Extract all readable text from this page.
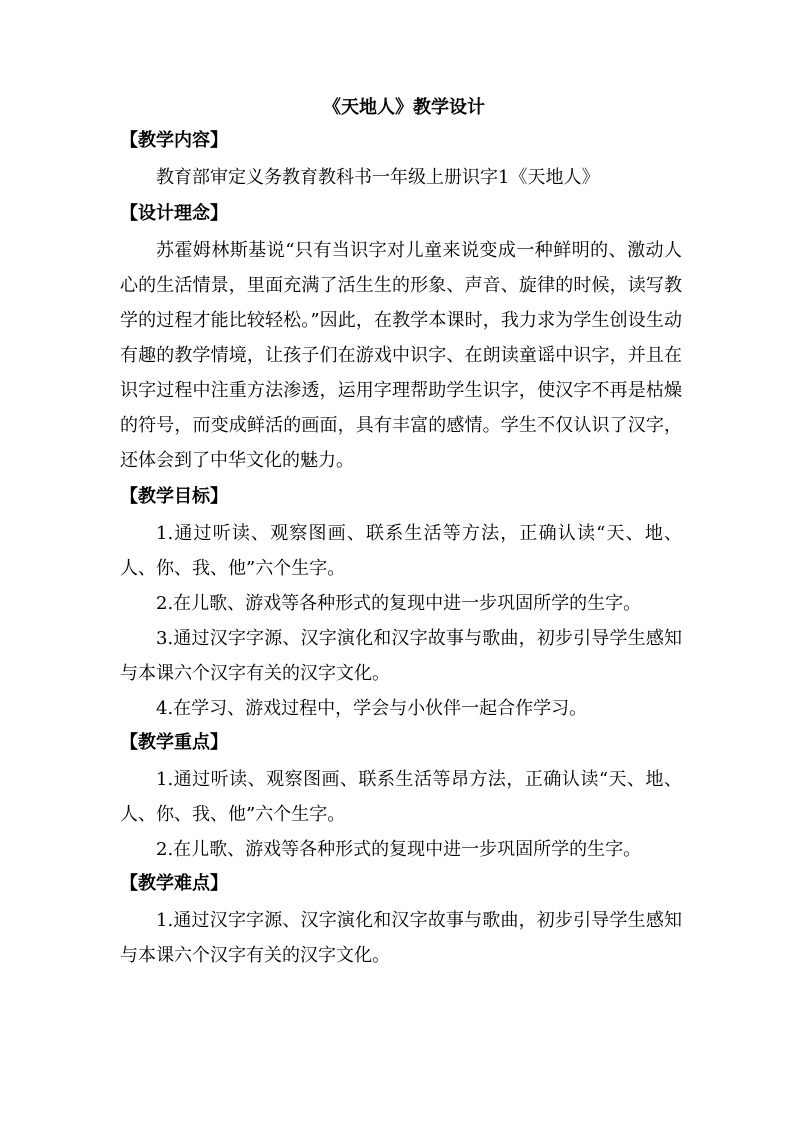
《天地人》教学设计
【教学内容】

教育部审定义务教育教科书一年级上册识字1《天地人》

【设计理念】

苏霍姆林斯基说“只有当识字对儿童来说变成一种鲜明的、激动人心的生活情景，里面充满了活生生的形象、声音、旋律的时候，读写教学的过程才能比较轻松。”因此，在教学本课时，我力求为学生创设生动有趣的教学情境，让孩子们在游戏中识字、在朗读童谣中识字，并且在识字过程中注重方法渗透，运用字理帮助学生识字，使汉字不再是枯燥的符号，而变成鲜活的画面，具有丰富的感情。学生不仅认识了汉字，还体会到了中华文化的魅力。

【教学目标】

1.通过听读、观察图画、联系生活等方法，正确认读“天、地、人、你、我、他”六个生字。

2.在儿歌、游戏等各种形式的复现中进一步巩固所学的生字。

3.通过汉字字源、汉字演化和汉字故事与歌曲，初步引导学生感知与本课六个汉字有关的汉字文化。

4.在学习、游戏过程中，学会与小伙伴一起合作学习。

【教学重点】

1.通过听读、观察图画、联系生活等昂方法，正确认读“天、地、人、你、我、他”六个生字。

2.在儿歌、游戏等各种形式的复现中进一步巩固所学的生字。

【教学难点】

1.通过汉字字源、汉字演化和汉字故事与歌曲，初步引导学生感知与本课六个汉字有关的汉字文化。
